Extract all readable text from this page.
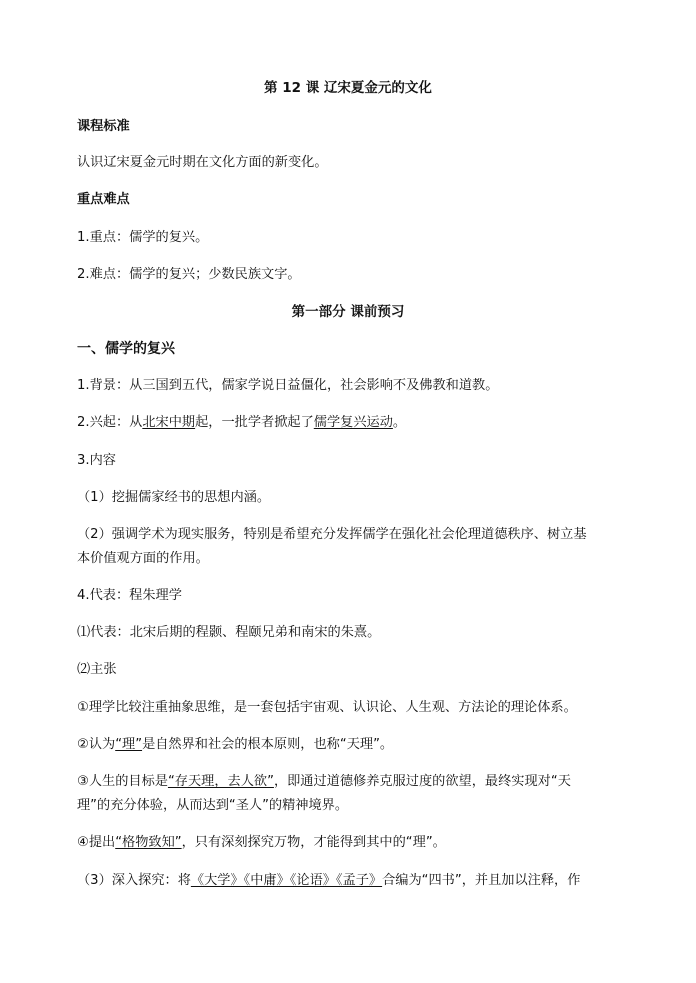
第 12 课 辽宋夏金元的文化
课程标准
认识辽宋夏金元时期在文化方面的新变化。
重点难点
1.重点：儒学的复兴。
2.难点：儒学的复兴；少数民族文字。
第一部分 课前预习
一、儒学的复兴
1.背景：从三国到五代，儒家学说日益僵化，社会影响不及佛教和道教。
2.兴起：从北宋中期起，一批学者掀起了儒学复兴运动。
3.内容
（1）挖掘儒家经书的思想内涵。
（2）强调学术为现实服务，特别是希望充分发挥儒学在强化社会伦理道德秩序、树立基
本价值观方面的作用。
4.代表：程朱理学
⑴代表：北宋后期的程颢、程颐兄弟和南宋的朱熹。
⑵主张
①理学比较注重抽象思维，是一套包括宇宙观、认识论、人生观、方法论的理论体系。
②认为“理”是自然界和社会的根本原则，也称“天理”。
③人生的目标是“存天理，去人欲”，即通过道德修养克服过度的欲望，最终实现对“天
理”的充分体验，从而达到“圣人”的精神境界。
④提出“格物致知”，只有深刻探究万物，才能得到其中的“理”。
（3）深入探究：将《大学》《中庸》《论语》《孟子》合编为“四书”，并且加以注释，作
